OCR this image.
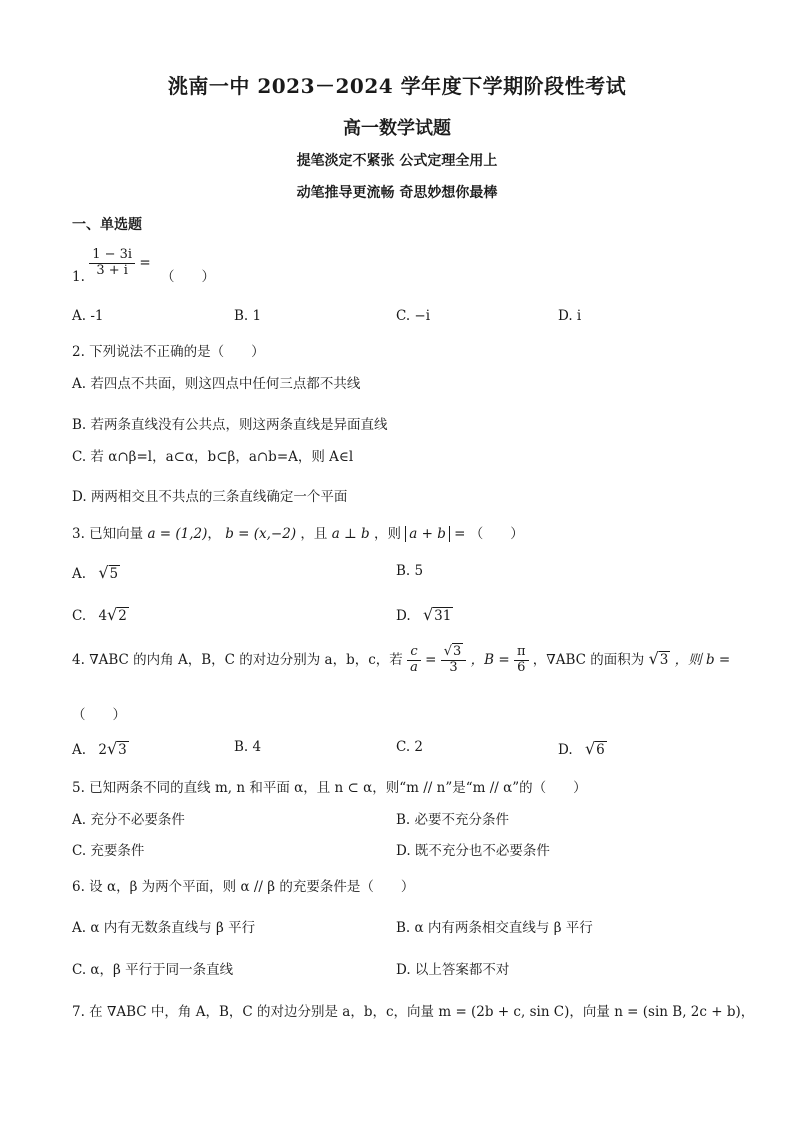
洮南一中 2023－2024 学年度下学期阶段性考试
高一数学试题
提笔淡定不紧张 公式定理全用上
动笔推导更流畅 奇思妙想你最棒
一、单选题
1. $\frac{1 - 3i}{3 + i}$ = （　　）
A. -1	B. 1	C. −i	D. i
2. 下列说法不正确的是（　　）
A. 若四点不共面，则这四点中任何三点都不共线
B. 若两条直线没有公共点，则这两条直线是异面直线
C. 若 α∩β=l，a⊂α，b⊂β，a∩b=A，则 A∈l
D. 两两相交且不共点的三条直线确定一个平面
3. 已知向量 a = (1,2)， b = (x,−2) ，且 a ⊥ b ，则 a + b = （　　）
A. √5	B. 5
C. 4√2	D. √31
4. ∇ABC 的内角 A，B，C 的对边分别为 a，b，c，若 $\frac{c}{a} = \frac{√3}{3}$ ，$B = \frac{\pi}{6}$ ，∇ABC 的面积为 √3 ，则 b =
（　　）
A. 2√3	B. 4	C. 2	D. √6
5. 已知两条不同的直线 m, n 和平面 α，且 n ⊂ α，则“m // n”是“m // α”的（　　）
A. 充分不必要条件	B. 必要不充分条件
C. 充要条件	D. 既不充分也不必要条件
6. 设 α，β 为两个平面，则 α // β 的充要条件是（　　）
A. α 内有无数条直线与 β 平行	B. α 内有两条相交直线与 β 平行
C. α，β 平行于同一条直线	D. 以上答案都不对
7. 在 ∇ABC 中，角 A，B，C 的对边分别是 a，b，c，向量 m = (2b + c, sin C)，向量 n = (sin B, 2c + b)，
